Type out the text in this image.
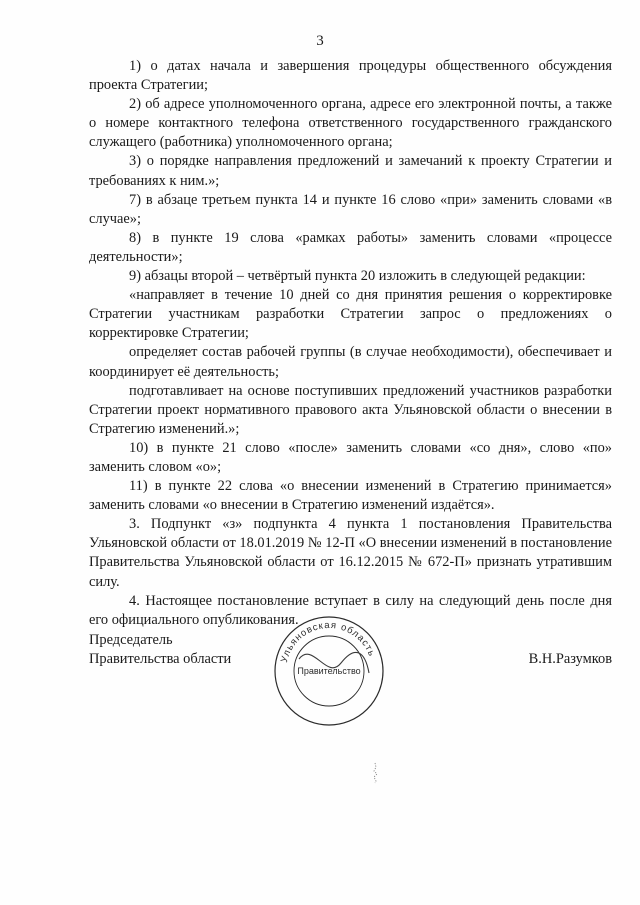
3

1) о датах начала и завершения процедуры общественного обсуждения проекта Стратегии;

2) об адресе уполномоченного органа, адресе его электронной почты, а также о номере контактного телефона ответственного государственного гражданского служащего (работника) уполномоченного органа;

3) о порядке направления предложений и замечаний к проекту Стратегии и требованиях к ним.»;

7) в абзаце третьем пункта 14 и пункте 16 слово «при» заменить словами «в случае»;

8) в пункте 19 слова «рамках работы» заменить словами «процессе деятельности»;

9) абзацы второй – четвёртый пункта 20 изложить в следующей редакции:

«направляет в течение 10 дней со дня принятия решения о корректировке Стратегии участникам разработки Стратегии запрос о предложениях о корректировке Стратегии;

определяет состав рабочей группы (в случае необходимости), обеспечивает и координирует её деятельность;

подготавливает на основе поступивших предложений участников разработки Стратегии проект нормативного правового акта Ульяновской области о внесении в Стратегию изменений.»;

10) в пункте 21 слово «после» заменить словами «со дня», слово «по» заменить словом «о»;

11) в пункте 22 слова «о внесении изменений в Стратегию принимается» заменить словами «о внесении в Стратегию изменений издаётся».

3. Подпункт «з» подпункта 4 пункта 1 постановления Правительства Ульяновской области от 18.01.2019 № 12-П «О внесении изменений в постановление Правительства Ульяновской области от 16.12.2015 № 672-П» признать утратившим силу.

4. Настоящее постановление вступает в силу на следующий день после дня его официального опубликования.

Председатель
Правительства области	В.Н.Разумков
Ульяновская область
Правительство
